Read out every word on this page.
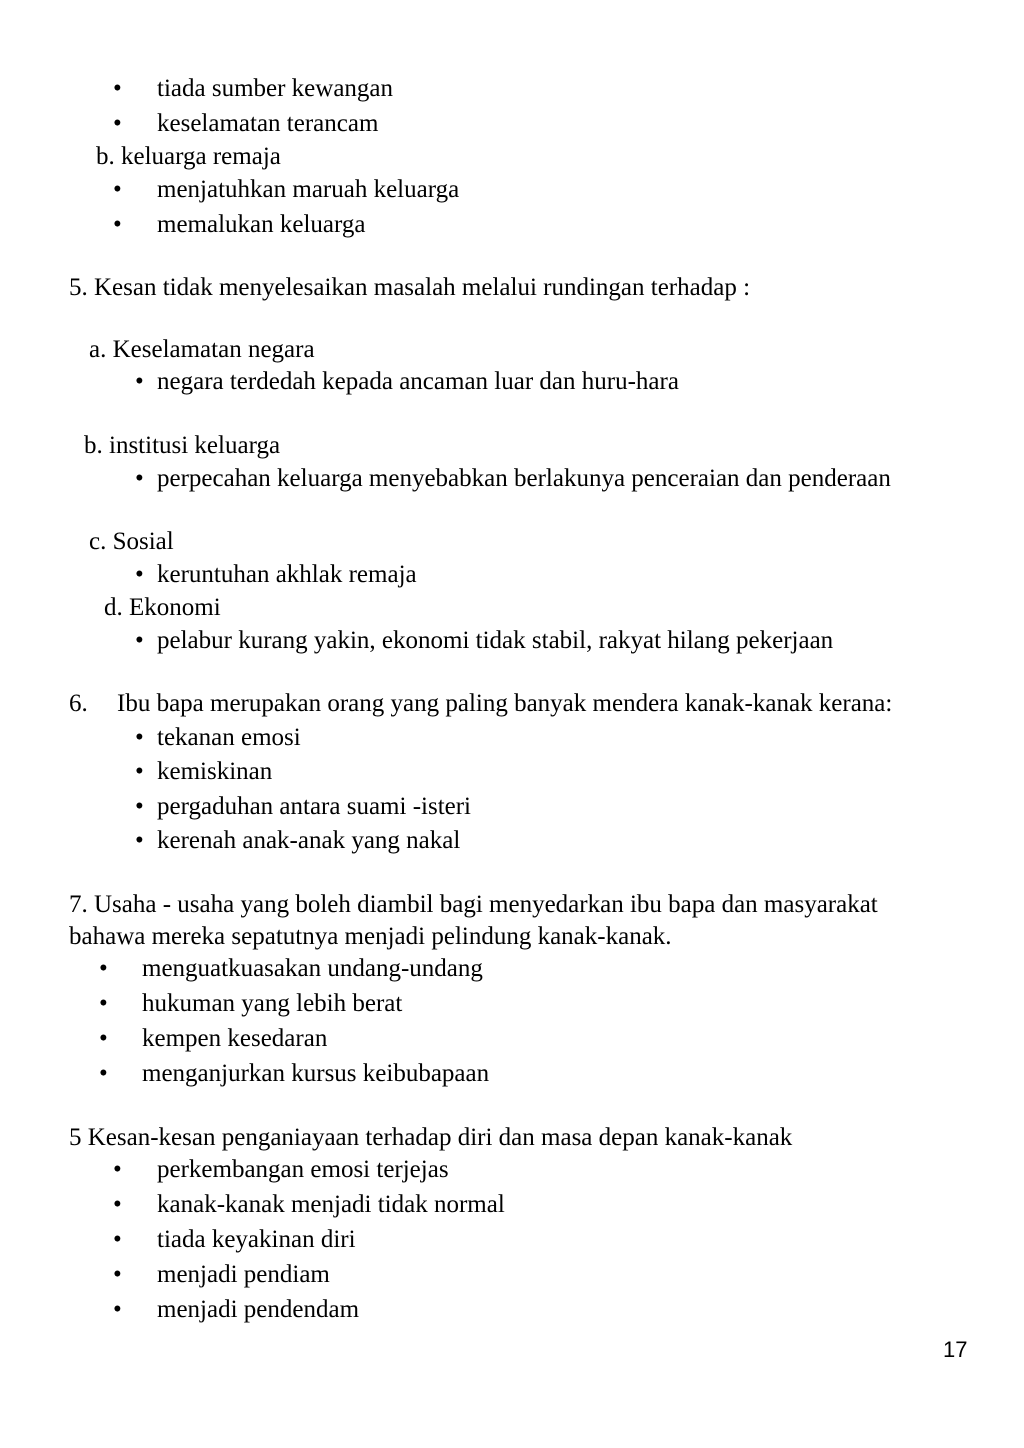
• tiada sumber kewangan
• keselamatan terancam
b. keluarga remaja
• menjatuhkan maruah keluarga
• memalukan keluarga
5. Kesan tidak menyelesaikan masalah melalui rundingan terhadap :
a. Keselamatan negara
• negara terdedah kepada ancaman luar dan huru-hara
b. institusi keluarga
• perpecahan keluarga menyebabkan berlakunya penceraian dan penderaan
c. Sosial
• keruntuhan akhlak remaja
d. Ekonomi
• pelabur kurang yakin, ekonomi tidak stabil, rakyat hilang pekerjaan
6. Ibu bapa merupakan orang yang paling banyak mendera kanak-kanak kerana:
• tekanan emosi
• kemiskinan
• pergaduhan antara suami -isteri
• kerenah anak-anak yang nakal
7. Usaha - usaha yang boleh diambil bagi menyedarkan ibu bapa dan masyarakat
bahawa mereka sepatutnya menjadi pelindung kanak-kanak.
• menguatkuasakan undang-undang
• hukuman yang lebih berat
• kempen kesedaran
• menganjurkan kursus keibubapaan
5 Kesan-kesan penganiayaan terhadap diri dan masa depan kanak-kanak
• perkembangan emosi terjejas
• kanak-kanak menjadi tidak normal
• tiada keyakinan diri
• menjadi pendiam
• menjadi pendendam
17
